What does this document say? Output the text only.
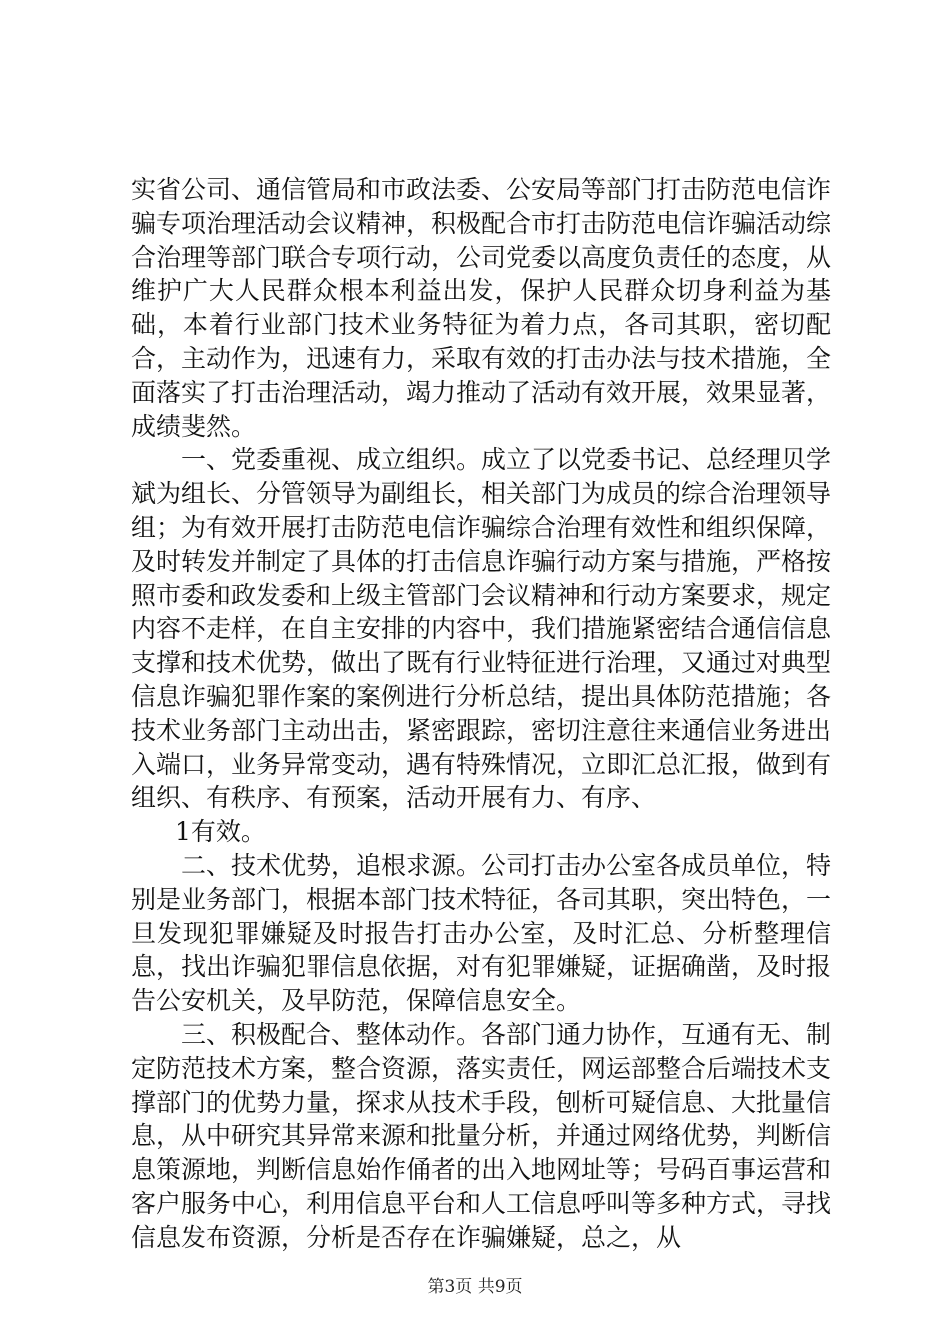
实省公司、通信管局和市政法委、公安局等部门打击防范电信诈骗专项治理活动会议精神，积极配合市打击防范电信诈骗活动综合治理等部门联合专项行动，公司党委以高度负责任的态度，从维护广大人民群众根本利益出发，保护人民群众切身利益为基础，本着行业部门技术业务特征为着力点，各司其职，密切配合，主动作为，迅速有力，采取有效的打击办法与技术措施，全面落实了打击治理活动，竭力推动了活动有效开展，效果显著，成绩斐然。

一、党委重视、成立组织。成立了以党委书记、总经理贝学斌为组长、分管领导为副组长，相关部门为成员的综合治理领导组；为有效开展打击防范电信诈骗综合治理有效性和组织保障，及时转发并制定了具体的打击信息诈骗行动方案与措施，严格按照市委和政发委和上级主管部门会议精神和行动方案要求，规定内容不走样，在自主安排的内容中，我们措施紧密结合通信信息支撑和技术优势，做出了既有行业特征进行治理，又通过对典型信息诈骗犯罪作案的案例进行分析总结，提出具体防范措施；各技术业务部门主动出击，紧密跟踪，密切注意往来通信业务进出入端口，业务异常变动，遇有特殊情况，立即汇总汇报，做到有组织、有秩序、有预案，活动开展有力、有序、

1有效。

二、技术优势，追根求源。公司打击办公室各成员单位，特别是业务部门，根据本部门技术特征，各司其职，突出特色，一旦发现犯罪嫌疑及时报告打击办公室，及时汇总、分析整理信息，找出诈骗犯罪信息依据，对有犯罪嫌疑，证据确凿，及时报告公安机关，及早防范，保障信息安全。

三、积极配合、整体动作。各部门通力协作，互通有无、制定防范技术方案，整合资源，落实责任，网运部整合后端技术支撑部门的优势力量，探求从技术手段，刨析可疑信息、大批量信息，从中研究其异常来源和批量分析，并通过网络优势，判断信息策源地，判断信息始作俑者的出入地网址等；号码百事运营和客户服务中心，利用信息平台和人工信息呼叫等多种方式，寻找信息发布资源，分析是否存在诈骗嫌疑，总之，从

第3页 共9页
